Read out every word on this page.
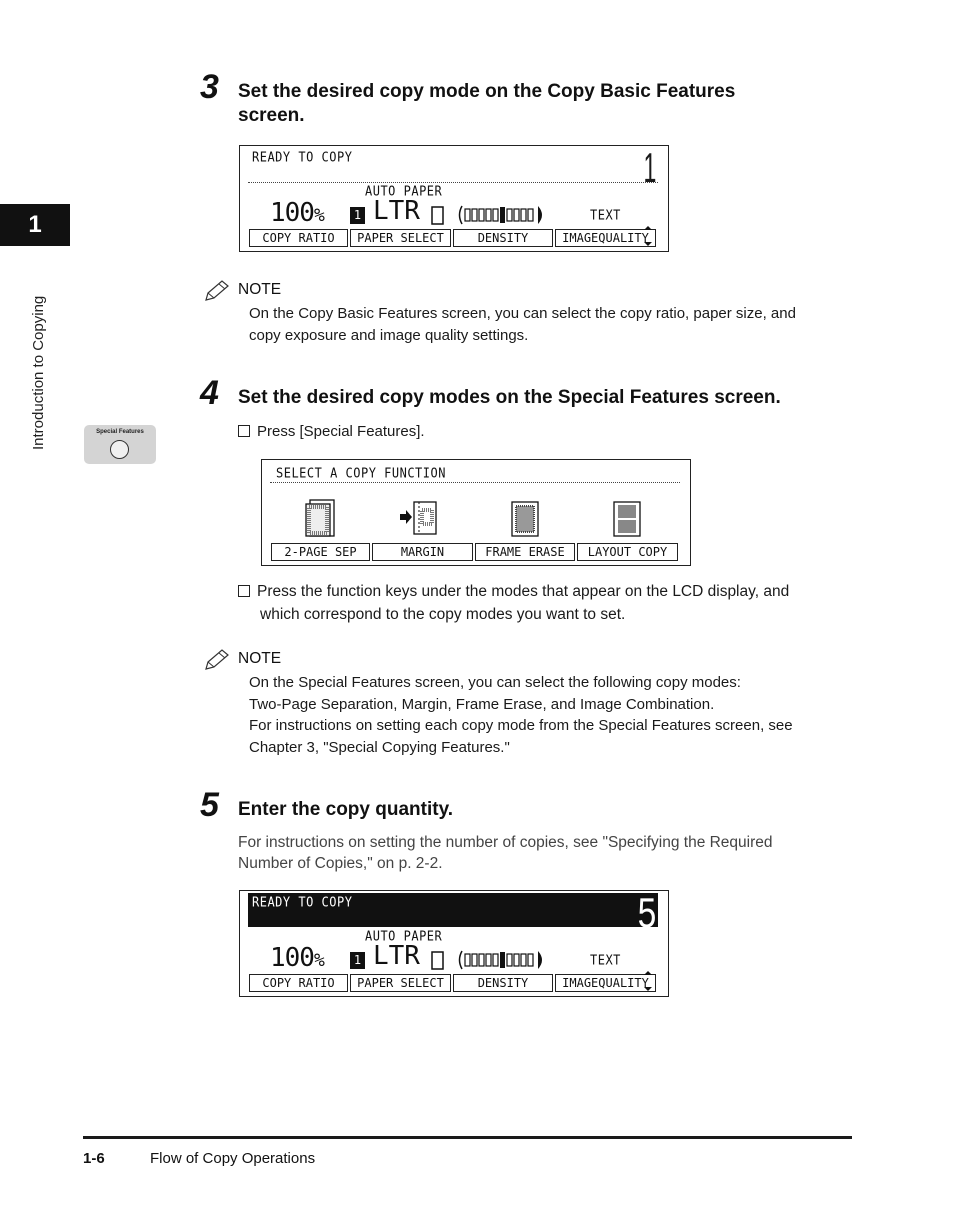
1
Introduction to Copying	Special Features
3 Set the desired copy mode on the Copy Basic Features
screen.
READY TO COPY	1
AUTO PAPER
100%	1 LTR	TEXT
COPY RATIO	PAPER SELECT	DENSITY	IMAGEQUALITY
NOTE
On the Copy Basic Features screen, you can select the copy ratio, paper size, and
copy exposure and image quality settings.
4 Set the desired copy modes on the Special Features screen.
Press [Special Features].
SELECT A COPY FUNCTION
2-PAGE SEP	MARGIN	FRAME ERASE	LAYOUT COPY
Press the function keys under the modes that appear on the LCD display, and
which correspond to the copy modes you want to set.
NOTE
On the Special Features screen, you can select the following copy modes:
Two-Page Separation, Margin, Frame Erase, and Image Combination.
For instructions on setting each copy mode from the Special Features screen, see
Chapter 3, "Special Copying Features."
5 Enter the copy quantity.
For instructions on setting the number of copies, see "Specifying the Required
Number of Copies," on p. 2-2.
READY TO COPY	5
AUTO PAPER
100%	1 LTR	TEXT
COPY RATIO	PAPER SELECT	DENSITY	IMAGEQUALITY
1-6	Flow of Copy Operations
